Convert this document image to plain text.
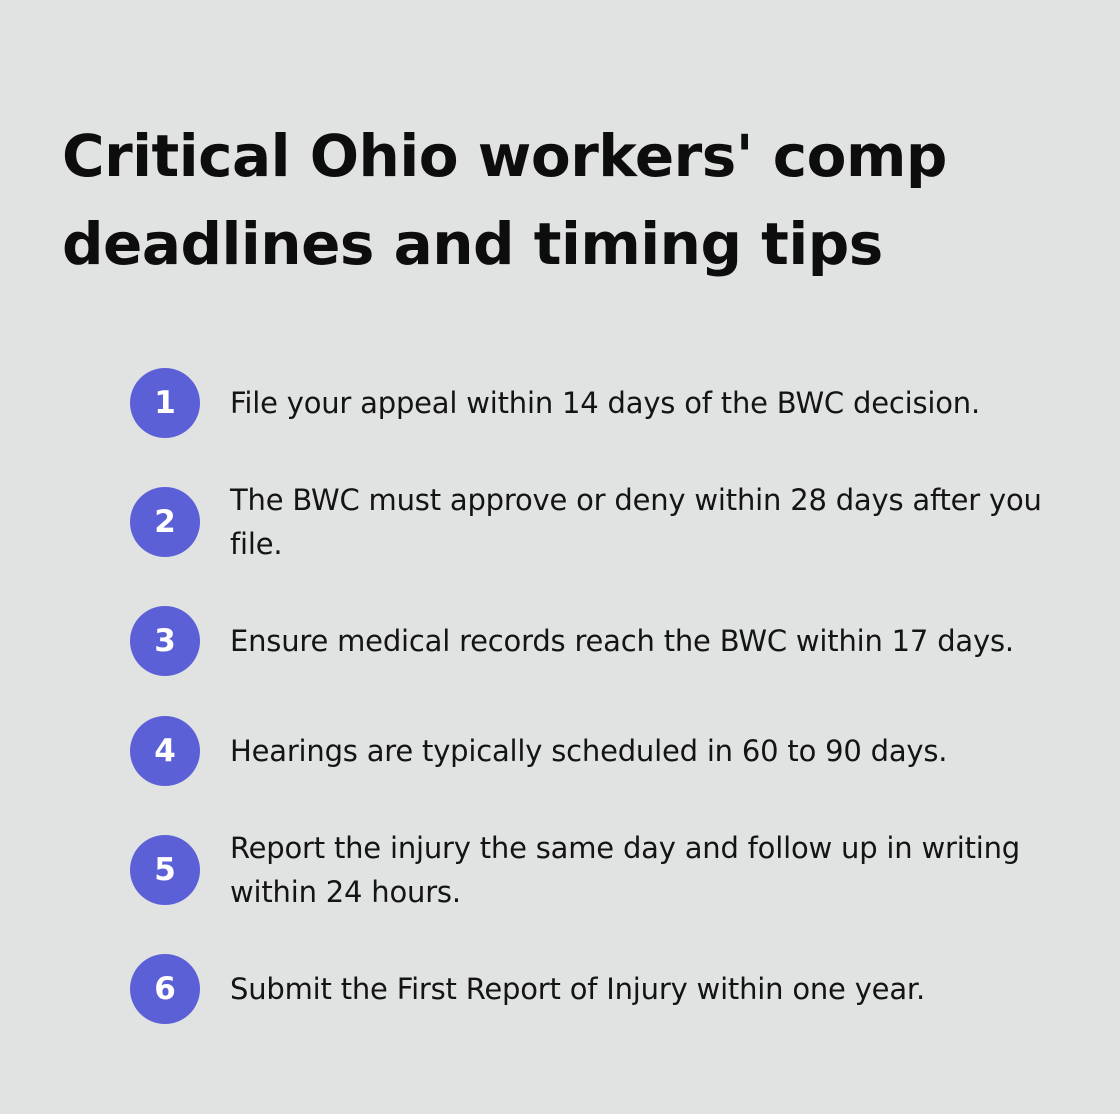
Critical Ohio workers' comp deadlines and timing tips
1	File your appeal within 14 days of the BWC decision.
2
The BWC must approve or deny within 28 days after you file.
3	Ensure medical records reach the BWC within 17 days.
4	Hearings are typically scheduled in 60 to 90 days.
5
Report the injury the same day and follow up in writing within 24 hours.
6	Submit the First Report of Injury within one year.
